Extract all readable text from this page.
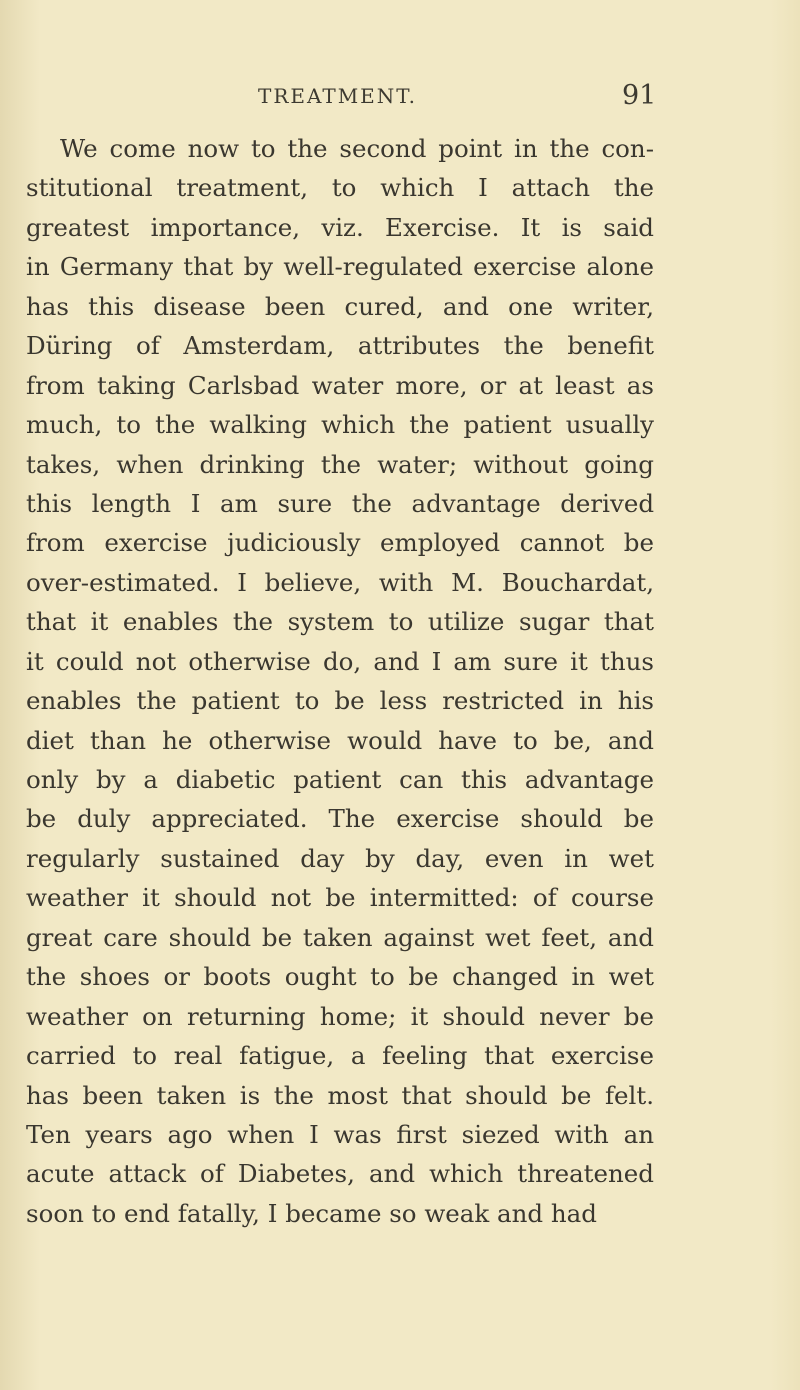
TREATMENT.	91
We come now to the second point in the con-
stitutional treatment, to which I attach the
greatest importance, viz. Exercise. It is said
in Germany that by well-regulated exercise alone
has this disease been cured, and one writer,
Düring of Amsterdam, attributes the benefit
from taking Carlsbad water more, or at least as
much, to the walking which the patient usually
takes, when drinking the water; without going
this length I am sure the advantage derived
from exercise judiciously employed cannot be
over-estimated. I believe, with M. Bouchardat,
that it enables the system to utilize sugar that
it could not otherwise do, and I am sure it thus
enables the patient to be less restricted in his
diet than he otherwise would have to be, and
only by a diabetic patient can this advantage
be duly appreciated. The exercise should be
regularly sustained day by day, even in wet
weather it should not be intermitted: of course
great care should be taken against wet feet, and
the shoes or boots ought to be changed in wet
weather on returning home; it should never be
carried to real fatigue, a feeling that exercise
has been taken is the most that should be felt.
Ten years ago when I was first siezed with an
acute attack of Diabetes, and which threatened
soon to end fatally, I became so weak and had
